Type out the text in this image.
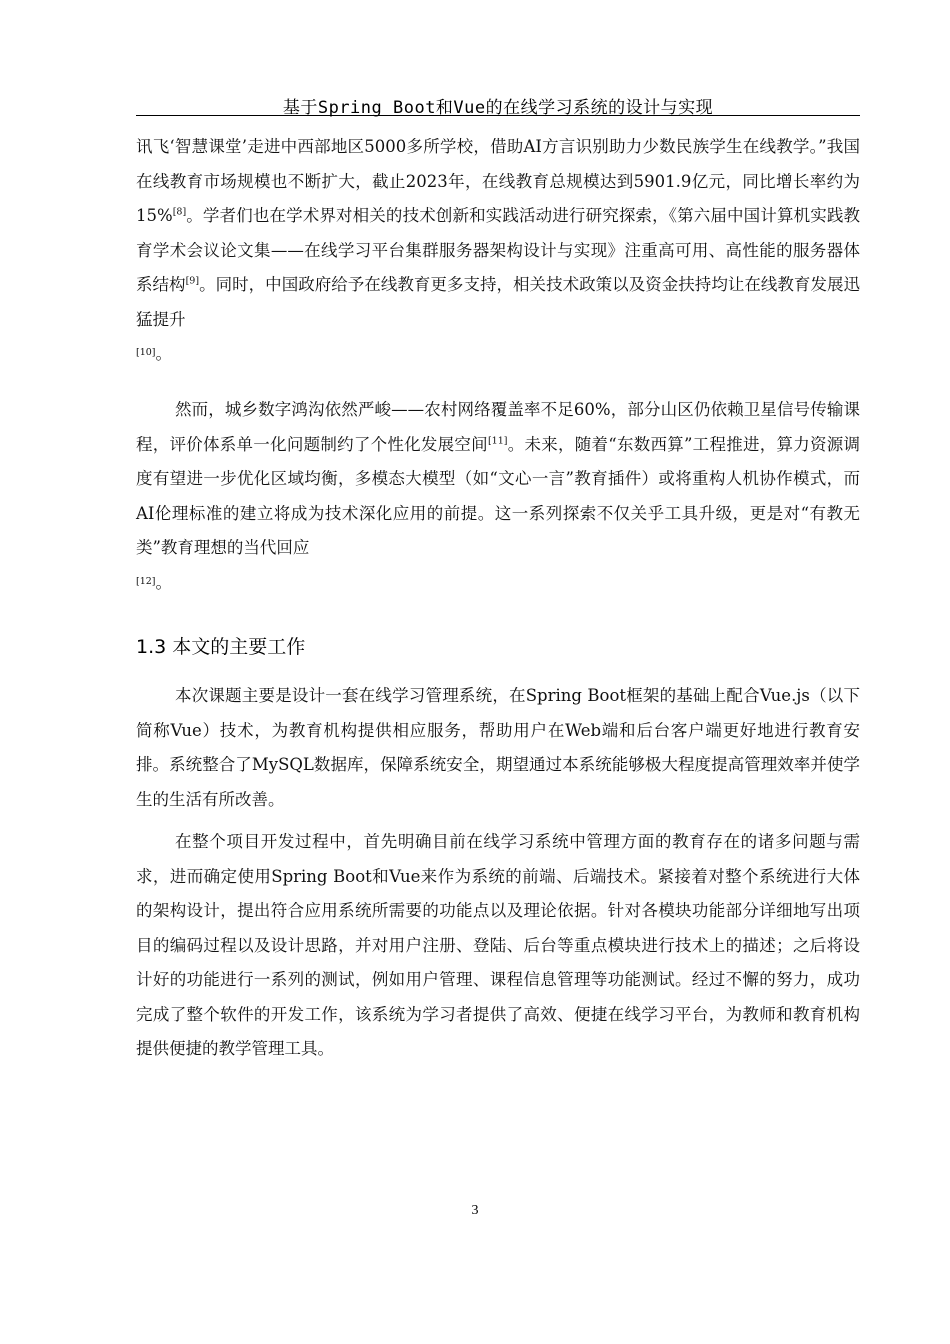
基于Spring Boot和Vue的在线学习系统的设计与实现

讯飞‘智慧课堂’走进中西部地区5000多所学校，借助AI方言识别助力少数民族学生在线教学。”我国在线教育市场规模也不断扩大，截止2023年，在线教育总规模达到5901.9亿元，同比增长率约为 15%[8]。学者们也在学术界对相关的技术创新和实践活动进行研究探索，《第六届中国计算机实践教育学术会议论文集——在线学习平台集群服务器架构设计与实现》注重高可用、高性能的服务器体系结构[9]。同时，中国政府给予在线教育更多支持，相关技术政策以及资金扶持均让在线教育发展迅猛提升
[10]。

然而，城乡数字鸿沟依然严峻——农村网络覆盖率不足60%，部分山区仍依赖卫星信号传输课程，评价体系单一化问题制约了个性化发展空间[11]。未来，随着“东数西算”工程推进，算力资源调度有望进一步优化区域均衡，多模态大模型（如“文心一言”教育插件）或将重构人机协作模式，而AI伦理标准的建立将成为技术深化应用的前提。这一系列探索不仅关乎工具升级，更是对“有教无类”教育理想的当代回应
[12]。

1.3 本文的主要工作

本次课题主要是设计一套在线学习管理系统，在Spring Boot框架的基础上配合Vue.js（以下简称Vue）技术，为教育机构提供相应服务，帮助用户在Web端和后台客户端更好地进行教育安排。系统整合了MySQL数据库，保障系统安全，期望通过本系统能够极大程度提高管理效率并使学生的生活有所改善。

在整个项目开发过程中，首先明确目前在线学习系统中管理方面的教育存在的诸多问题与需求，进而确定使用Spring Boot和Vue来作为系统的前端、后端技术。紧接着对整个系统进行大体的架构设计，提出符合应用系统所需要的功能点以及理论依据。针对各模块功能部分详细地写出项目的编码过程以及设计思路，并对用户注册、登陆、后台等重点模块进行技术上的描述；之后将设计好的功能进行一系列的测试，例如用户管理、课程信息管理等功能测试。经过不懈的努力，成功完成了整个软件的开发工作，该系统为学习者提供了高效、便捷在线学习平台，为教师和教育机构提供便捷的教学管理工具。

3
